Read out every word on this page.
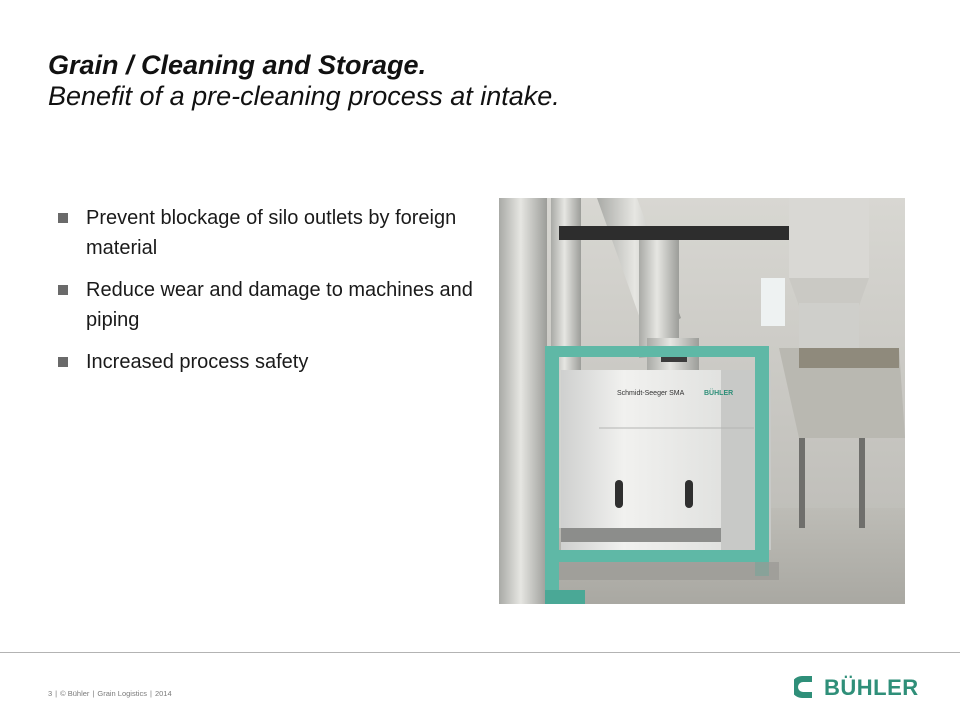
Grain / Cleaning and Storage.
Benefit of a pre-cleaning process at intake.
Prevent blockage of silo outlets by foreign material
Reduce wear and damage to machines and piping
Increased process safety
Schmidt-Seeger SMA	BÜHLER
3 | © Bühler | Grain Logistics | 2014	BÜHLER
